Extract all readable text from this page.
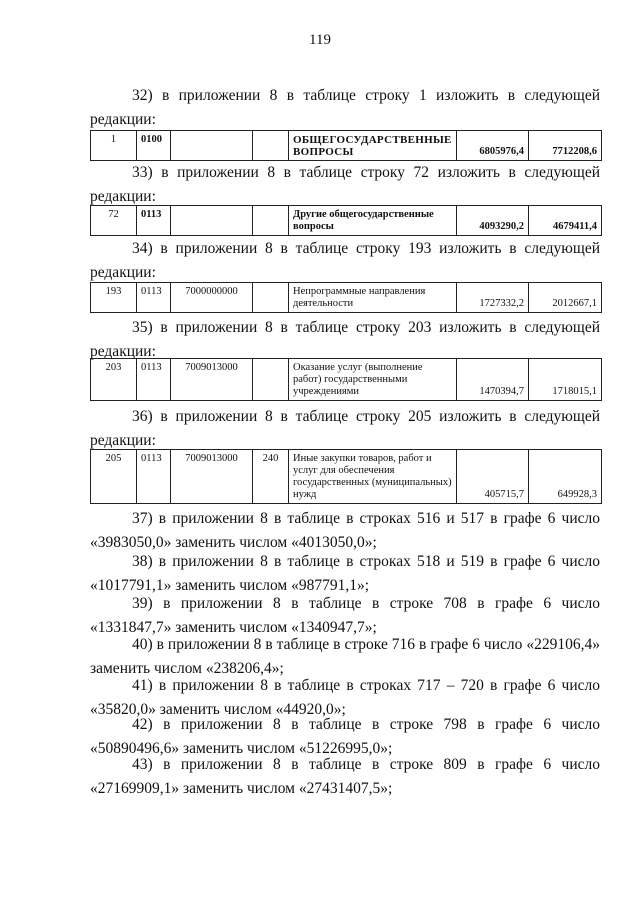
119
32) в приложении 8 в таблице строку 1 изложить в следующей редакции:
1	0100			ОБЩЕГОСУДАРСТВЕННЫЕ ВОПРОСЫ	6805976,4	7712208,6
33) в приложении 8 в таблице строку 72 изложить в следующей редакции:
72	0113			Другие общегосударственные вопросы	4093290,2	4679411,4
34) в приложении 8 в таблице строку 193 изложить в следующей редакции:
193	0113	7000000000		Непрограммные направления деятельности	1727332,2	2012667,1
35) в приложении 8 в таблице строку 203 изложить в следующей редакции:
203	0113	7009013000		Оказание услуг (выполнение работ) государственными учреждениями	1470394,7	1718015,1
36) в приложении 8 в таблице строку 205 изложить в следующей редакции:
205	0113	7009013000	240	Иные закупки товаров, работ и услуг для обеспечения государственных (муниципальных) нужд	405715,7	649928,3
37) в приложении 8 в таблице в строках 516 и 517 в графе 6 число «3983050,0» заменить числом «4013050,0»;
38) в приложении 8 в таблице в строках 518 и 519 в графе 6 число «1017791,1» заменить числом «987791,1»;
39) в приложении 8 в таблице в строке 708 в графе 6 число «1331847,7» заменить числом «1340947,7»;
40) в приложении 8 в таблице в строке 716 в графе 6 число «229106,4» заменить числом «238206,4»;
41) в приложении 8 в таблице в строках 717 – 720 в графе 6 число «35820,0» заменить числом «44920,0»;
42) в приложении 8 в таблице в строке 798 в графе 6 число «50890496,6» заменить числом «51226995,0»;
43) в приложении 8 в таблице в строке 809 в графе 6 число «27169909,1» заменить числом «27431407,5»;
